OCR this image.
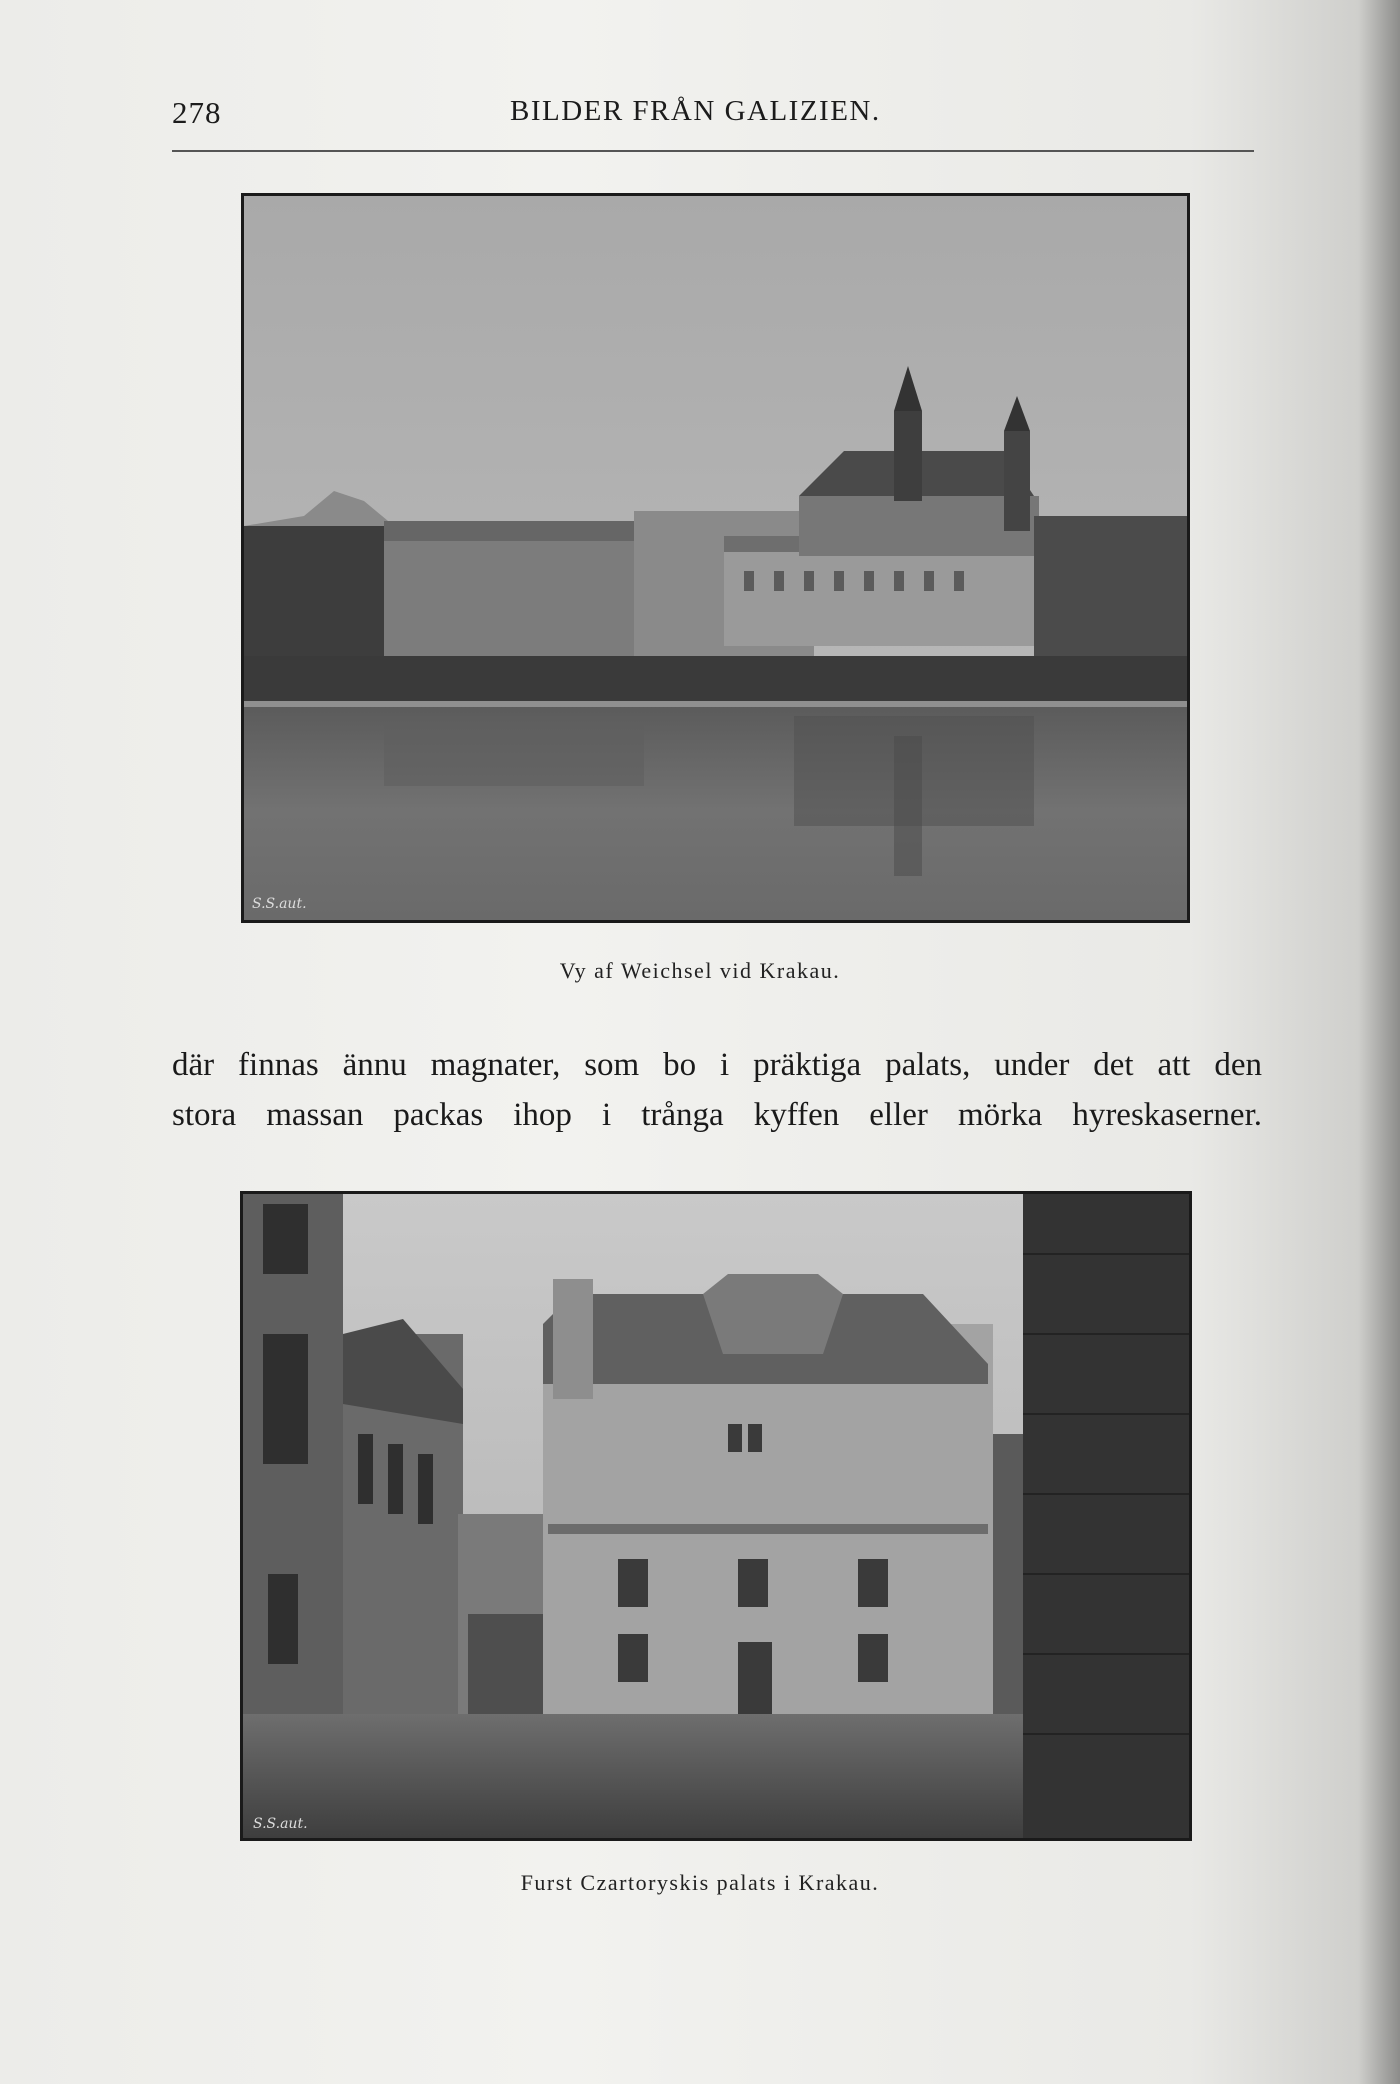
278	BILDER FRÅN GALIZIEN.
S.S.aut.
Vy af Weichsel vid Krakau.

där finnas ännu magnater, som bo i präktiga palats, under det att den

stora massan packas ihop i trånga kyffen eller mörka hyreskaserner.

S.S.aut.
Furst Czartoryskis palats i Krakau.
